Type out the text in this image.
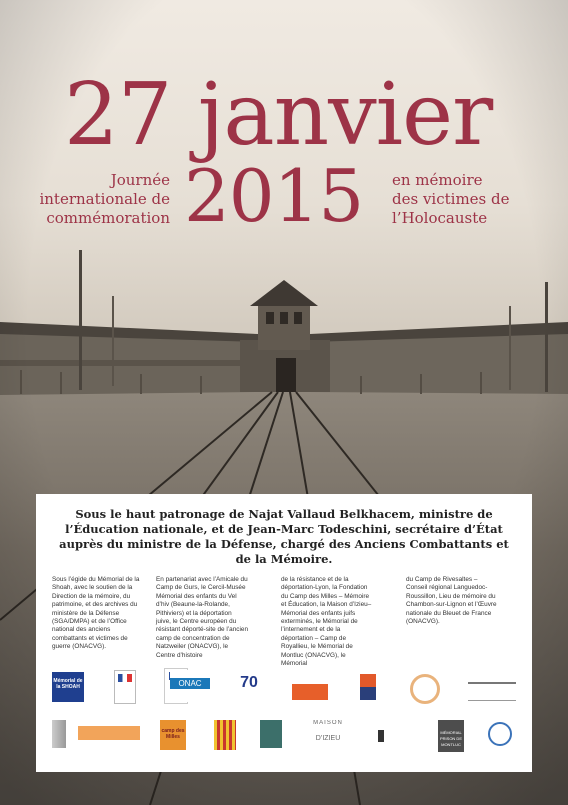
27 janvier
2015
Journée
internationale de
commémoration
en mémoire
des victimes de
l’Holocauste
Sous le haut patronage de Najat Vallaud Belkhacem, ministre de l’Éducation nationale, et de Jean-Marc Todeschini, secrétaire d’État auprès du ministre de la Défense, chargé des Anciens Combattants et de la Mémoire.
Sous l’égide du Mémorial de la Shoah, avec le soutien de la Direction de la mémoire, du patrimoine, et des archives du ministère de la Défense (SGA/DMPA) et de l’Office national des anciens combattants et victimes de guerre (ONACVG).
En partenariat avec l’Amicale du Camp de Gurs, le Cercil-Musée Mémorial des enfants du Vel d’hiv (Beaune-la-Rolande, Pithiviers) et la déportation juive, le Centre européen du résistant déporté-site de l’ancien camp de concentration de Natzweiler (ONACVG), le Centre d’histoire
de la résistance et de la déportation-Lyon, la Fondation du Camp des Milles – Mémoire et Éducation, la Maison d’Izieu–Mémorial des enfants juifs exterminés, le Mémorial de l’internement et de la déportation – Camp de Royallieu, le Mémorial de Montluc (ONACVG), le Mémorial
du Camp de Rivesaltes – Conseil régional Languedoc-Roussillon, Lieu de mémoire du Chambon-sur-Lignon et l’Œuvre nationale du Bleuet de France (ONACVG).
Mémorial de la SHOAH	ONAC	70
camp des Milles
MAISON
D’IZIEU
MÉMORIAL PRISON DE MONTLUC
